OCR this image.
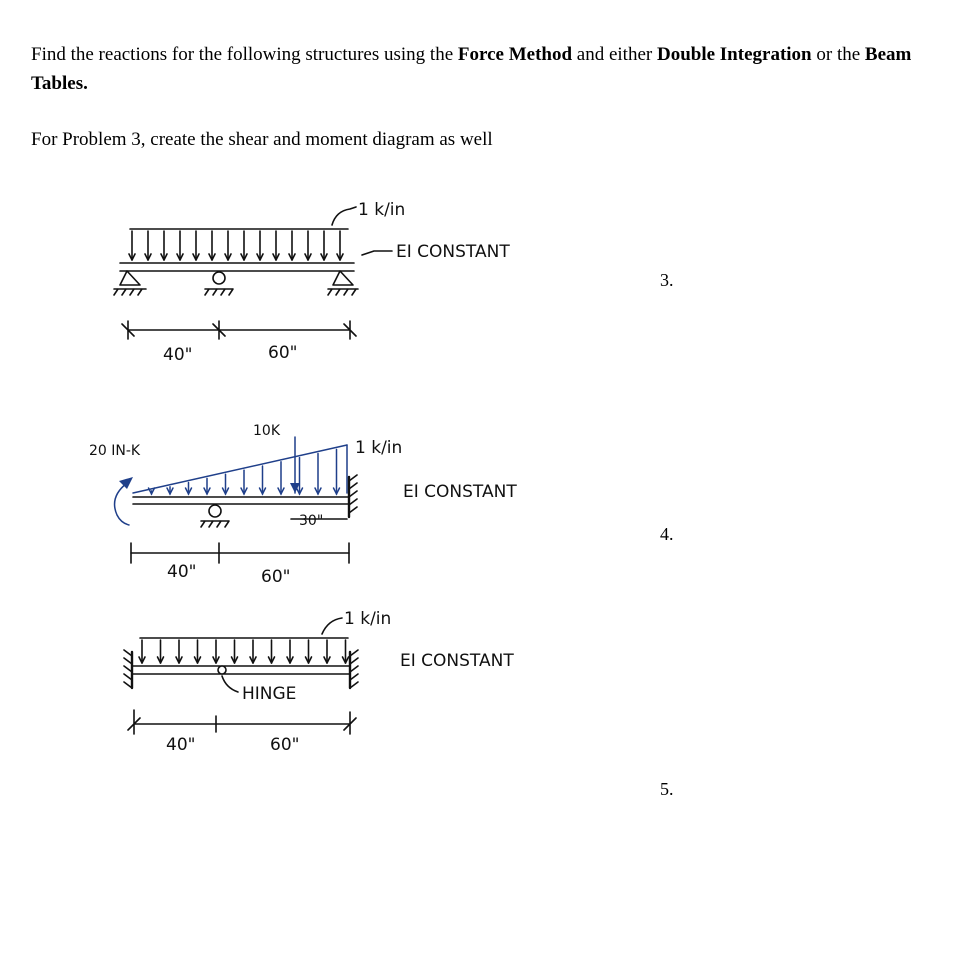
Find the reactions for the following structures using the Force Method and either Double Integration or the Beam Tables.

For Problem 3, create the shear and moment diagram as well

3.
4.
5.
1 k/in
EI CONSTANT
40"	60"
20 IN-K
10K
30"
1 k/in
EI CONSTANT
40"	60"
HINGE
1 k/in
EI CONSTANT
40"	60"
